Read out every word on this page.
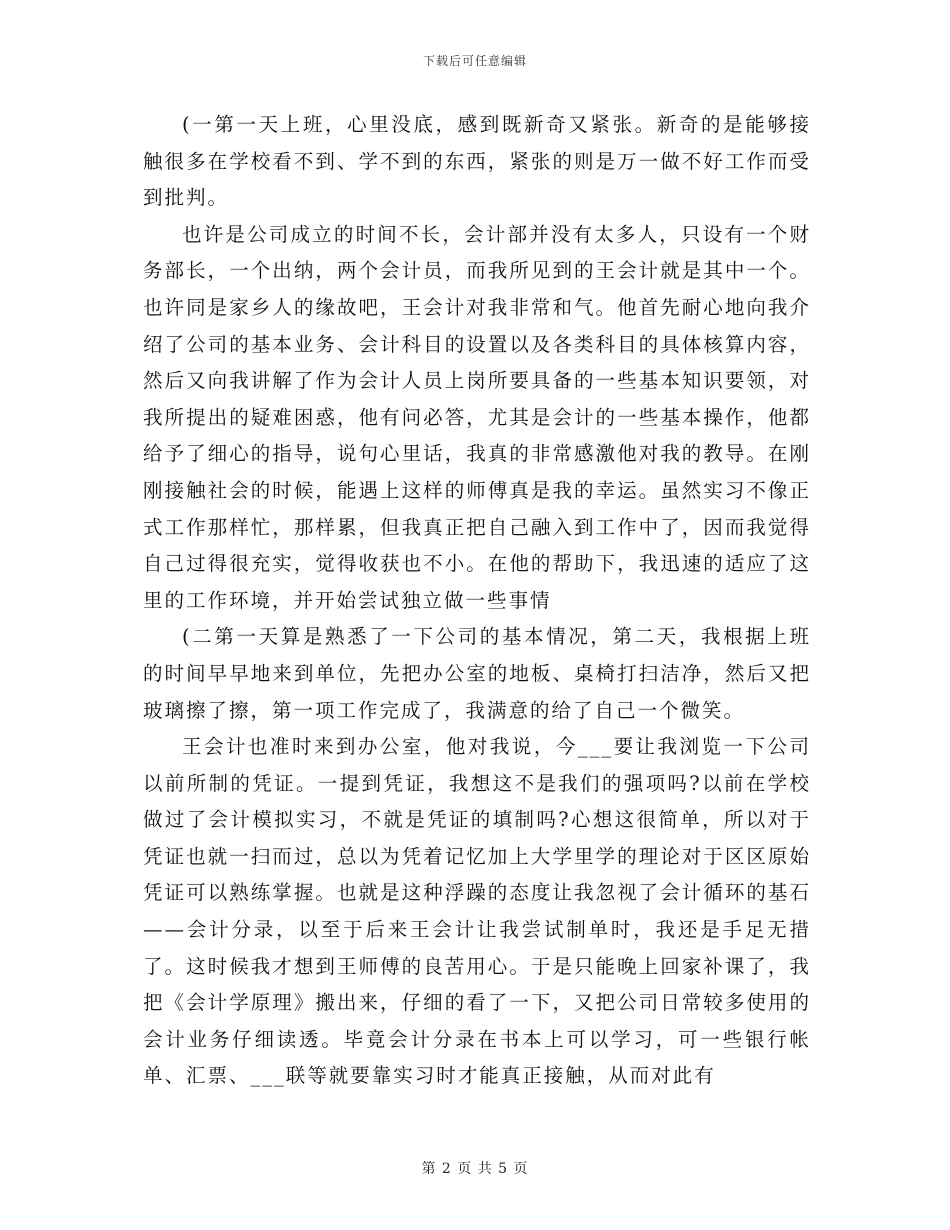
下载后可任意编辑

(一第一天上班，心里没底，感到既新奇又紧张。新奇的是能够接触很多在学校看不到、学不到的东西，紧张的则是万一做不好工作而受到批判。

也许是公司成立的时间不长，会计部并没有太多人，只设有一个财务部长，一个出纳，两个会计员，而我所见到的王会计就是其中一个。也许同是家乡人的缘故吧，王会计对我非常和气。他首先耐心地向我介绍了公司的基本业务、会计科目的设置以及各类科目的具体核算内容，然后又向我讲解了作为会计人员上岗所要具备的一些基本知识要领，对我所提出的疑难困惑，他有问必答，尤其是会计的一些基本操作，他都给予了细心的指导，说句心里话，我真的非常感激他对我的教导。在刚刚接触社会的时候，能遇上这样的师傅真是我的幸运。虽然实习不像正式工作那样忙，那样累，但我真正把自己融入到工作中了，因而我觉得自己过得很充实，觉得收获也不小。在他的帮助下，我迅速的适应了这里的工作环境，并开始尝试独立做一些事情

(二第一天算是熟悉了一下公司的基本情况，第二天，我根据上班的时间早早地来到单位，先把办公室的地板、桌椅打扫洁净，然后又把玻璃擦了擦，第一项工作完成了，我满意的给了自己一个微笑。

王会计也准时来到办公室，他对我说，今___要让我浏览一下公司以前所制的凭证。一提到凭证，我想这不是我们的强项吗?以前在学校做过了会计模拟实习，不就是凭证的填制吗?心想这很简单，所以对于凭证也就一扫而过，总以为凭着记忆加上大学里学的理论对于区区原始凭证可以熟练掌握。也就是这种浮躁的态度让我忽视了会计循环的基石——会计分录，以至于后来王会计让我尝试制单时，我还是手足无措了。这时候我才想到王师傅的良苦用心。于是只能晚上回家补课了，我把《会计学原理》搬出来，仔细的看了一下，又把公司日常较多使用的会计业务仔细读透。毕竟会计分录在书本上可以学习，可一些银行帐单、汇票、___联等就要靠实习时才能真正接触，从而对此有

第 2 页 共 5 页
